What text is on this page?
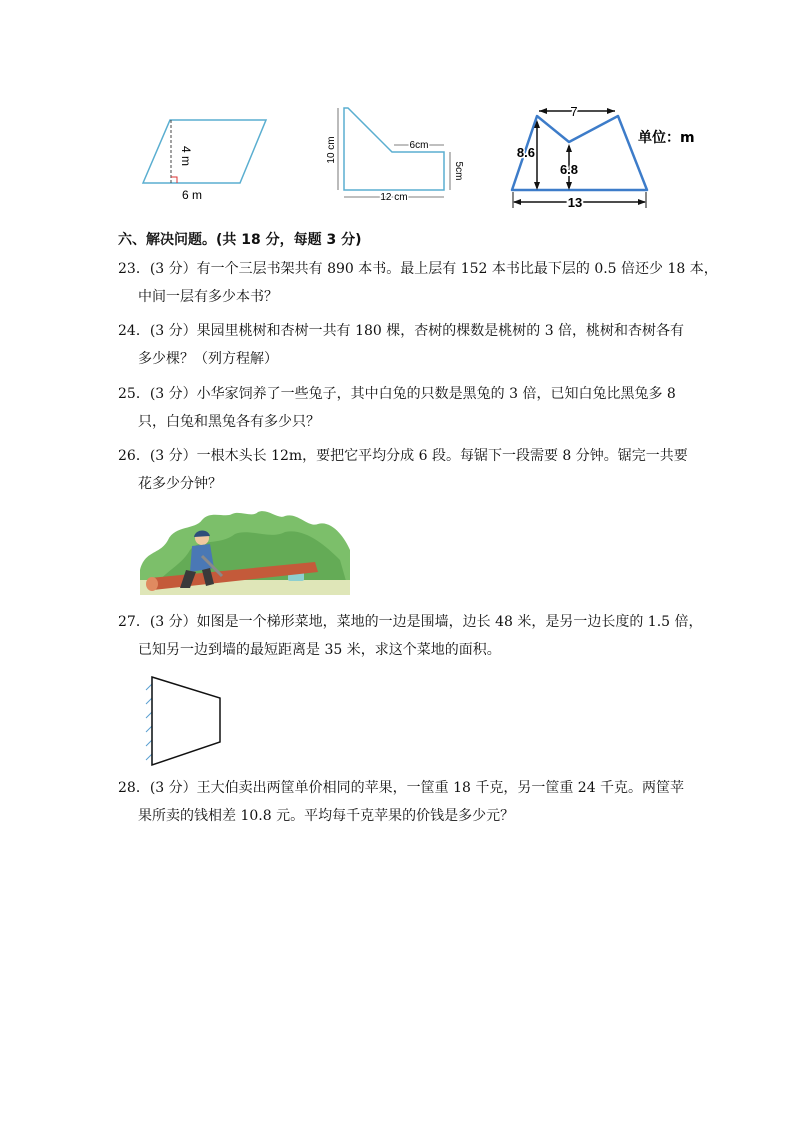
4 m
6 m
10 cm	6cm
5cm
12 cm
7
8.6
6.8
13
单位：m
六、解决问题。(共 18 分，每题 3 分)
23．(3 分）有一个三层书架共有 890 本书。最上层有 152 本书比最下层的 0.5 倍还少 18 本，
中间一层有多少本书？
24．(3 分）果园里桃树和杏树一共有 180 棵，杏树的棵数是桃树的 3 倍，桃树和杏树各有
多少棵？（列方程解）
25．(3 分）小华家饲养了一些兔子，其中白兔的只数是黑兔的 3 倍，已知白兔比黑兔多 8
只，白兔和黑兔各有多少只？
26．(3 分）一根木头长 12m，要把它平均分成 6 段。每锯下一段需要 8 分钟。锯完一共要
花多少分钟？
27．(3 分）如图是一个梯形菜地，菜地的一边是围墙，边长 48 米，是另一边长度的 1.5 倍，
已知另一边到墙的最短距离是 35 米，求这个菜地的面积。
28．(3 分）王大伯卖出两筐单价相同的苹果，一筐重 18 千克，另一筐重 24 千克。两筐苹
果所卖的钱相差 10.8 元。平均每千克苹果的价钱是多少元？
